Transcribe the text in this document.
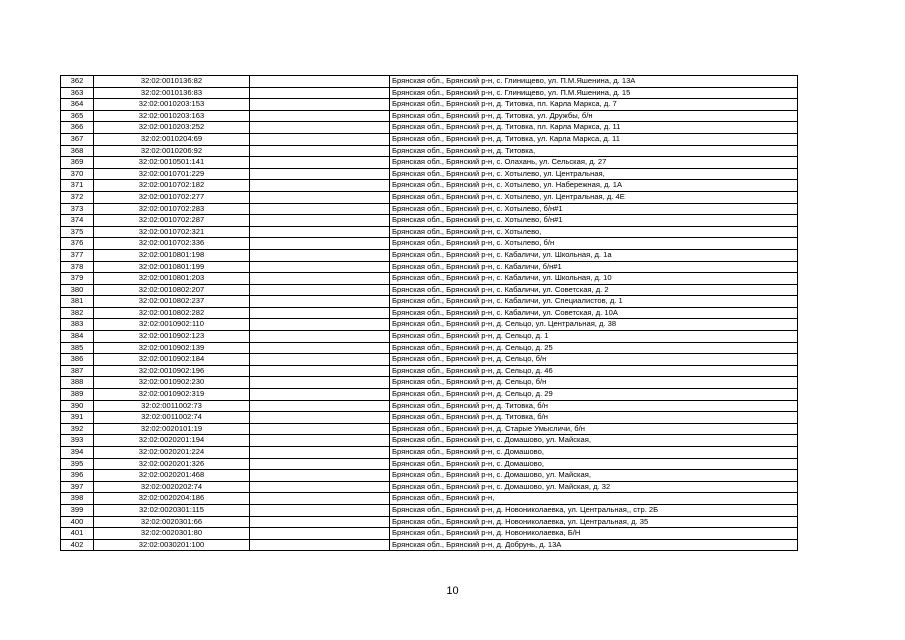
362	32:02:0010136:82		Брянская обл., Брянский р-н, с. Глинищево, ул. П.М.Яшенина, д. 13А
363	32:02:0010136:83		Брянская обл., Брянский р-н, с. Глинищево, ул. П.М.Яшенина, д. 15
364	32:02:0010203:153		Брянская обл., Брянский р-н, д. Титовка, пл. Карла Маркса, д. 7
365	32:02:0010203:163		Брянская обл., Брянский р-н, д. Титовка, ул. Дружбы, б/н
366	32:02:0010203:252		Брянская обл., Брянский р-н, д. Титовка, пл. Карла Маркса, д. 11
367	32:02:0010204:69		Брянская обл., Брянский р-н, д. Титовка, ул. Карла Маркса, д. 11
368	32:02:0010206:92		Брянская обл., Брянский р-н, д. Титовка,
369	32:02:0010501:141		Брянская обл., Брянский р-н, с. Олахань, ул. Сельская, д. 27
370	32:02:0010701:229		Брянская обл., Брянский р-н, с. Хотылево, ул. Центральная,
371	32:02:0010702:182		Брянская обл., Брянский р-н, с. Хотылево, ул. Набережная, д. 1А
372	32:02:0010702:277		Брянская обл., Брянский р-н, с. Хотылево, ул. Центральная, д. 4Е
373	32:02:0010702:283		Брянская обл., Брянский р-н, с. Хотылево, б/н#1
374	32:02:0010702:287		Брянская обл., Брянский р-н, с. Хотылево, б/н#1
375	32:02:0010702:321		Брянская обл., Брянский р-н, с. Хотылево,
376	32:02:0010702:336		Брянская обл., Брянский р-н, с. Хотылево, б/н
377	32:02:0010801:198		Брянская обл., Брянский р-н, с. Кабаличи, ул. Школьная, д. 1а
378	32:02:0010801:199		Брянская обл., Брянский р-н, с. Кабаличи, б/н#1
379	32:02:0010801:203		Брянская обл., Брянский р-н, с. Кабаличи, ул. Школьная, д. 10
380	32:02:0010802:207		Брянская обл., Брянский р-н, с. Кабаличи, ул. Советская, д. 2
381	32:02:0010802:237		Брянская обл., Брянский р-н, с. Кабаличи, ул. Специалистов, д. 1
382	32:02:0010802:282		Брянская обл., Брянский р-н, с. Кабаличи, ул. Советская, д. 10А
383	32:02:0010902:110		Брянская обл., Брянский р-н, д. Сельцо, ул. Центральная, д. 38
384	32:02:0010902:123		Брянская обл., Брянский р-н, д. Сельцо, д. 1
385	32:02:0010902:139		Брянская обл., Брянский р-н, д. Сельцо, д. 25
386	32:02:0010902:184		Брянская обл., Брянский р-н, д. Сельцо, б/н
387	32:02:0010902:196		Брянская обл., Брянский р-н, д. Сельцо, д. 46
388	32:02:0010902:230		Брянская обл., Брянский р-н, д. Сельцо, б/н
389	32:02:0010902:319		Брянская обл., Брянский р-н, д. Сельцо, д. 29
390	32:02:0011002:73		Брянская обл., Брянский р-н, д. Титовка, б/н
391	32:02:0011002:74		Брянская обл., Брянский р-н, д. Титовка, б/н
392	32:02:0020101:19		Брянская обл., Брянский р-н, д. Старые Умысличи, б/н
393	32:02:0020201:194		Брянская обл., Брянский р-н, с. Домашово, ул. Майская,
394	32:02:0020201:224		Брянская обл., Брянский р-н, с. Домашово,
395	32:02:0020201:326		Брянская обл., Брянский р-н, с. Домашово,
396	32:02:0020201:468		Брянская обл., Брянский р-н, с. Домашово, ул. Майская,
397	32:02:0020202:74		Брянская обл., Брянский р-н, с. Домашово, ул. Майская, д. 32
398	32:02:0020204:186		Брянская обл., Брянский р-н,
399	32:02:0020301:115		Брянская обл., Брянский р-н, д. Новониколаевка, ул. Центральная,, стр. 2Б
400	32:02:0020301:66		Брянская обл., Брянский р-н, д. Новониколаевка, ул. Центральная, д. 35
401	32:02:0020301:80		Брянская обл., Брянский р-н, д. Новониколаевка, Б/Н
402	32:02:0030201:100		Брянская обл., Брянский р-н, д. Добрунь, д. 13А
10
